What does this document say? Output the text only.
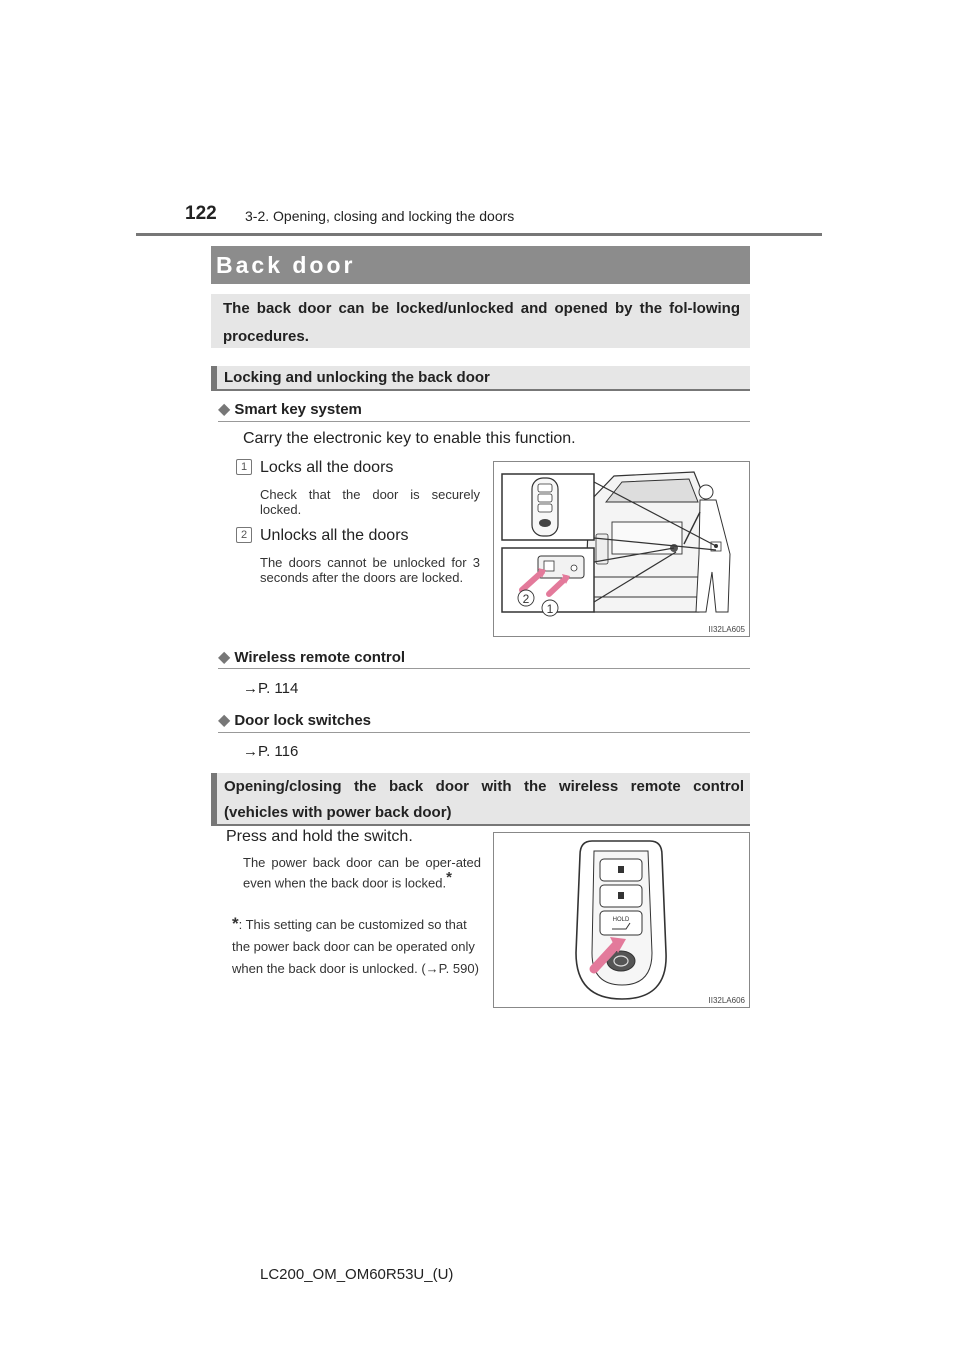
122 3-2. Opening, closing and locking the doors
Back door
The back door can be locked/unlocked and opened by the fol-lowing procedures.
Locking and unlocking the back door
◆ Smart key system
Carry the electronic key to enable this function.
1 Locks all the doors
Check that the door is securely locked.
2 Unlocks all the doors
The doors cannot be unlocked for 3 seconds after the doors are locked.
2
1
II32LA605
◆ Wireless remote control
→P. 114
◆ Door lock switches
→P. 116
Opening/closing the back door with the wireless remote control (vehicles with power back door)
Press and hold the switch.
The power back door can be oper-ated even when the back door is locked.*
*: This setting can be customized so that the power back door can be operated only when the back door is unlocked. (→P. 590)
HOLD
II32LA606
LC200_OM_OM60R53U_(U)
